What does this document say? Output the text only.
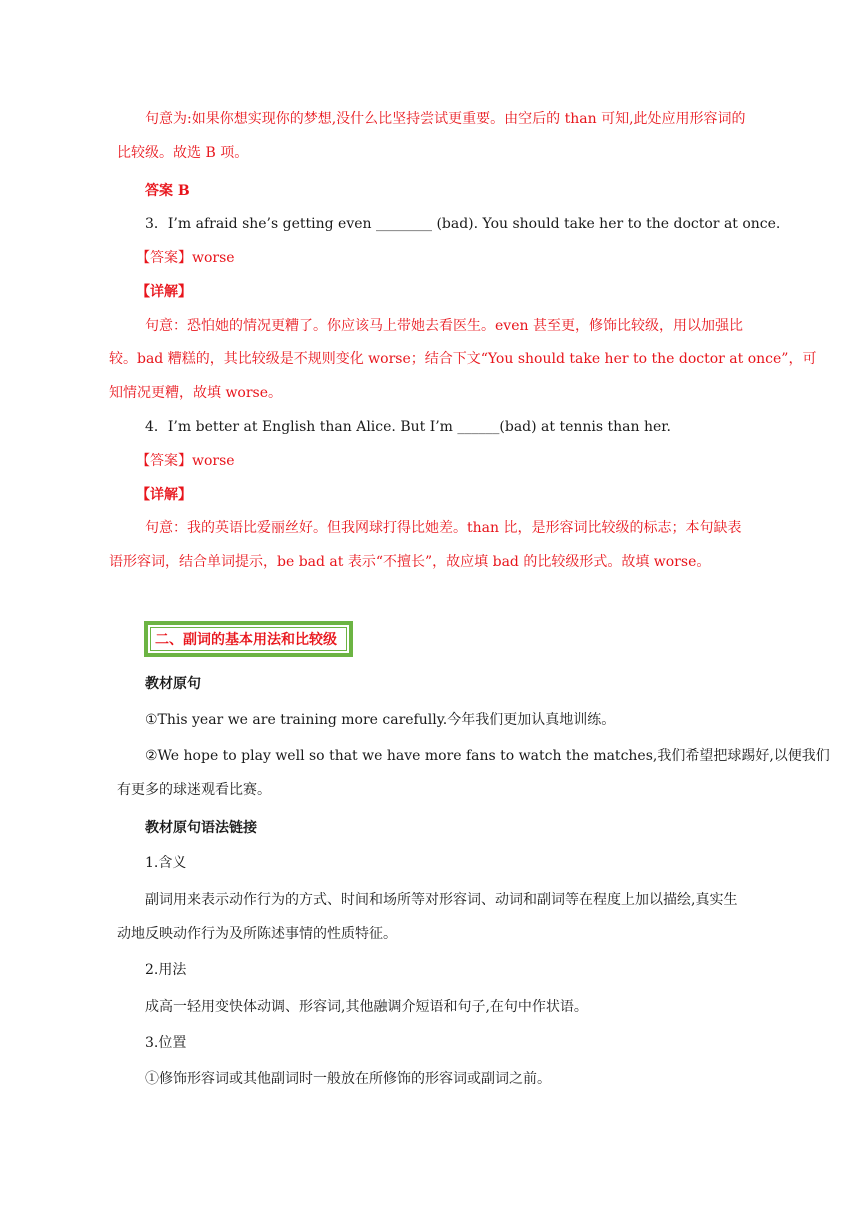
句意为:如果你想实现你的梦想,没什么比坚持尝试更重要。由空后的 than 可知,此处应用形容词的
比较级。故选 B 项。
答案 B
3．I’m afraid she’s getting even ________ (bad). You should take her to the doctor at once.
【答案】worse
【详解】
句意：恐怕她的情况更糟了。你应该马上带她去看医生。even 甚至更，修饰比较级，用以加强比
较。bad 糟糕的，其比较级是不规则变化 worse；结合下文“You should take her to the doctor at once”，可
知情况更糟，故填 worse。
4．I’m better at English than Alice. But I’m ______(bad) at tennis than her.
【答案】worse
【详解】
句意：我的英语比爱丽丝好。但我网球打得比她差。than 比，是形容词比较级的标志；本句缺表
语形容词，结合单词提示，be bad at 表示“不擅长”，故应填 bad 的比较级形式。故填 worse。
二、副词的基本用法和比较级
教材原句
①This year we are training more carefully.今年我们更加认真地训练。
②We hope to play well so that we have more fans to watch the matches,我们希望把球踢好,以便我们
有更多的球迷观看比赛。
教材原句语法链接
1.含义
副词用来表示动作行为的方式、时间和场所等对形容词、动词和副词等在程度上加以描绘,真实生
动地反映动作行为及所陈述事情的性质特征。
2.用法
成高一轻用变快体动调、形容词,其他融调介短语和句子,在句中作状语。
3.位置
①修饰形容词或其他副词时一般放在所修饰的形容词或副词之前。
